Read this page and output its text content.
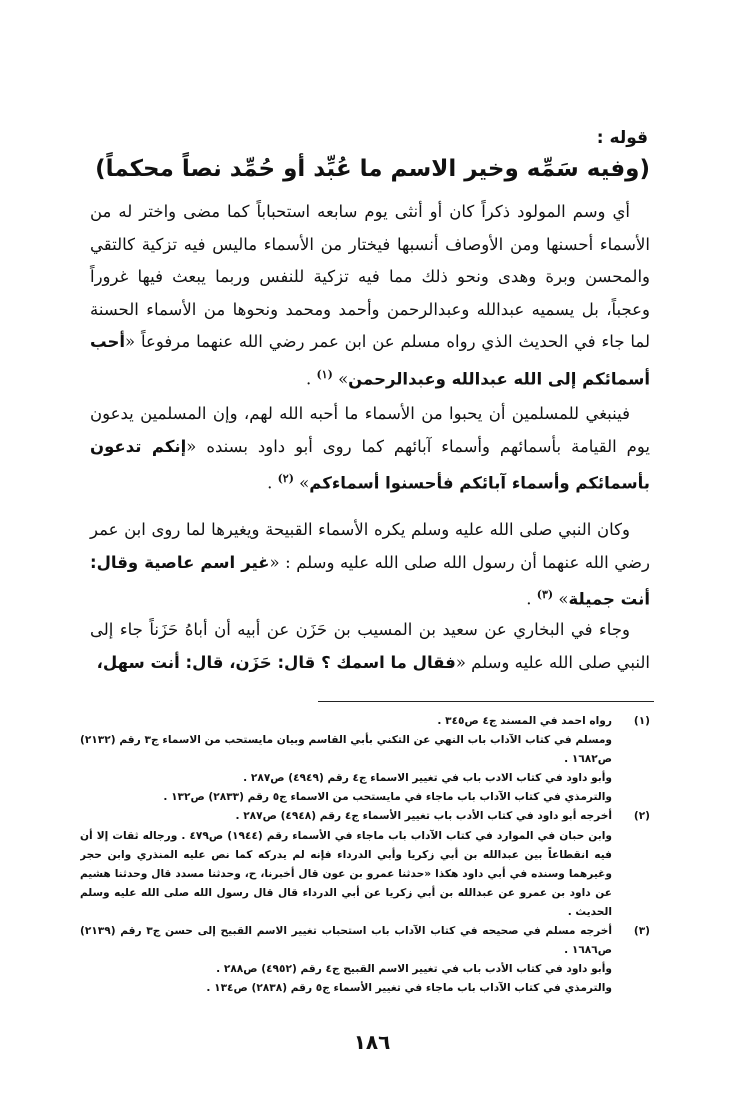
قوله :
(وفيه سَمِّه وخير الاسم ما عُبِّد أو حُمِّد نصاً محكماً)

أي وسم المولود ذكراً كان أو أنثى يوم سابعه استحباباً كما مضى واختر له من الأسماء أحسنها ومن الأوصاف أنسبها فيختار من الأسماء ماليس فيه تزكية كالتقي والمحسن وبرة وهدى ونحو ذلك مما فيه تزكية للنفس وربما يبعث فيها غروراً وعجباً، بل يسميه عبدالله وعبدالرحمن وأحمد ومحمد ونحوها من الأسماء الحسنة لما جاء في الحديث الذي رواه مسلم عن ابن عمر رضي الله عنهما مرفوعاً «أحب أسمائكم إلى الله عبدالله وعبدالرحمن» $^{(١)}$ .

فينبغي للمسلمين أن يحبوا من الأسماء ما أحبه الله لهم، وإن المسلمين يدعون يوم القيامة بأسمائهم وأسماء آبائهم كما روى أبو داود بسنده «إنكم تدعون بأسمائكم وأسماء آبائكم فأحسنوا أسماءكم» $^{(٢)}$ .

وكان النبي صلى الله عليه وسلم يكره الأسماء القبيحة ويغيرها لما روى ابن عمر رضي الله عنهما أن رسول الله صلى الله عليه وسلم : «غير اسم عاصية وقال: أنت جميلة» $^{(٣)}$ .

وجاء في البخاري عن سعيد بن المسيب بن حَزَن عن أبيه أن أباهُ حَزَناً جاء إلى النبي صلى الله عليه وسلم «فقال ما اسمك ؟ قال: حَزَن، قال: أنت سهل،

(١)
رواه احمد في المسند ج٤ ص٣٤٥ .
ومسلم في كتاب الآداب باب النهي عن التكني بأبي القاسم وبيان مايستحب من الاسماء ج٣ رقم (٢١٣٢) ص١٦٨٢ .
وأبو داود في كتاب الادب باب في تغيير الاسماء ج٤ رقم (٤٩٤٩) ص٢٨٧ .
والترمذي في كتاب الآداب باب ماجاء في مايستحب من الاسماء ج٥ رقم (٢٨٣٣) ص١٣٢ .
(٢)
أخرجه أبو داود في كتاب الأدب باب تغيير الأسماء ج٤ رقم (٤٩٤٨) ص٢٨٧ .
وابن حبان في الموارد في كتاب الآداب باب ماجاء في الأسماء رقم (١٩٤٤) ص٤٧٩ . ورجاله ثقات إلا أن فيه انقطاعاً بين عبدالله بن أبي زكريا وأبي الدرداء فإنه لم يدركه كما نص عليه المنذري وابن حجر وغيرهما وسنده في أبي داود هكذا «حدثنا عمرو بن عون قال أخبرنا، ح، وحدثنا مسدد قال وحدثنا هشيم عن داود بن عمرو عن عبدالله بن أبي زكريا عن أبي الدرداء قال قال رسول الله صلى الله عليه وسلم الحديث .
(٣)
أخرجه مسلم في صحيحه في كتاب الآداب باب استحباب تغيير الاسم القبيح إلى حسن ج٣ رقم (٢١٣٩) ص١٦٨٦ .
وأبو داود في كتاب الأدب باب في تغيير الاسم القبيح ج٤ رقم (٤٩٥٢) ص٢٨٨ .
والترمذي في كتاب الآداب باب ماجاء في تغيير الأسماء ج٥ رقم (٢٨٣٨) ص١٣٤ .
١٨٦
